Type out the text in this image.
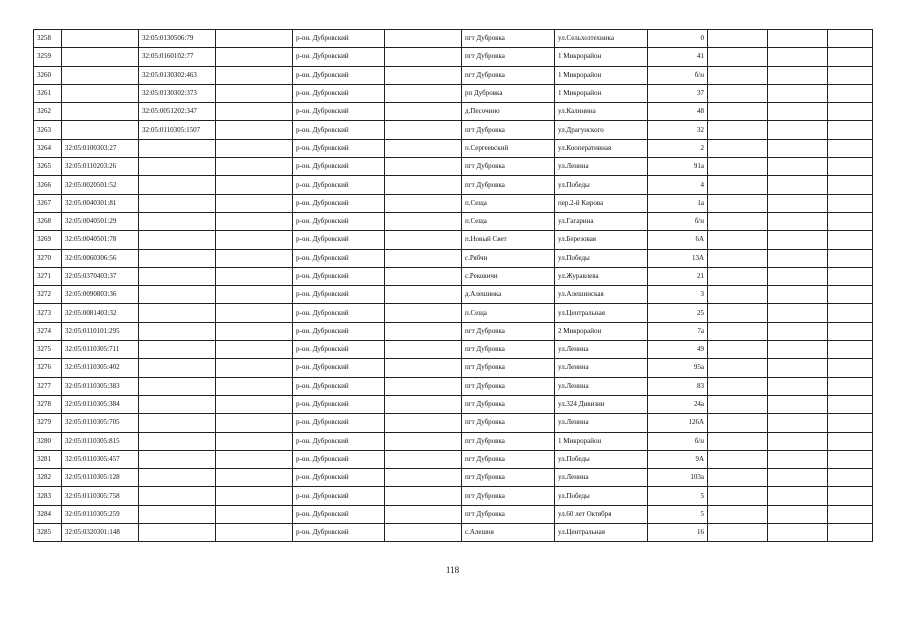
3258		32:05:0130506:79		р-он. Дубровский		пгт Дубровка	ул.Сельхозтехника	0			
3259		32:05:0160102:77		р-он. Дубровский		пгт Дубровка	1 Микрорайон	41			
3260		32:05:0130302:463		р-он. Дубровский		пгт Дубровка	1 Микрорайон	б/н			
3261		32:05:0130302:373		р-он. Дубровский		рп Дубровка	1 Микрорайон	37			
3262		32:05:0051202:347		р-он. Дубровский		д.Песочино	ул.Калинина	48			
3263		32:05:0110305:1507		р-он. Дубровский		пгт Дубровка	ул.Драгунского	32			
3264	32:05:0100303:27			р-он. Дубровский		п.Сергеевский	ул.Кооперативная	2			
3265	32:05:0110203:26			р-он. Дубровский		пгт Дубровка	ул.Ленина	91а			
3266	32:05:0020501:52			р-он. Дубровский		пгт Дубровка	ул.Победы	4			
3267	32:05:0040301:81			р-он. Дубровский		п.Сеща	пер.2-й Кирова	1а			
3268	32:05:0040501:29			р-он. Дубровский		п.Сеща	ул.Гагарина	б/н			
3269	32:05:0040501:78			р-он. Дубровский		п.Новый Свет	ул.Березовая	6А			
3270	32:05:0060306:56			р-он. Дубровский		с.Рябчи	ул.Победы	13А			
3271	32:05:0370403:37			р-он. Дубровский		с.Рековичи	ул.Журавлева	21			
3272	32:05:0090803:36			р-он. Дубровский		д.Алешинка	ул.Алешинская	3			
3273	32:05:0081403:32			р-он. Дубровский		п.Сеща	ул.Центральная	25			
3274	32:05:0110101:295			р-он. Дубровский		пгт Дубровка	2 Микрорайон	7а			
3275	32:05:0110305:711			р-он. Дубровский		пгт Дубровка	ул.Ленина	49			
3276	32:05:0110305:402			р-он. Дубровский		пгт Дубровка	ул.Ленина	95а			
3277	32:05:0110305:383			р-он. Дубровский		пгт Дубровка	ул.Ленина	83			
3278	32:05:0110305:384			р-он. Дубровский		пгт Дубровка	ул.324 Дивизии	24а			
3279	32:05:0110305:705			р-он. Дубровский		пгт Дубровка	ул.Ленина	126А			
3280	32:05:0110305:815			р-он. Дубровский		пгт Дубровка	1 Микрорайон	б/н			
3281	32:05:0110305:457			р-он. Дубровский		пгт Дубровка	ул.Победы	9А			
3282	32:05:0110305:128			р-он. Дубровский		пгт Дубровка	ул.Ленина	103а			
3283	32:05:0110305:758			р-он. Дубровский		пгт Дубровка	ул.Победы	5			
3284	32:05:0110305:259			р-он. Дубровский		пгт Дубровка	ул.60 лет Октября	5			
3285	32:05:0320301:148			р-он. Дубровский		с.Алешня	ул.Центральная	16			
118
